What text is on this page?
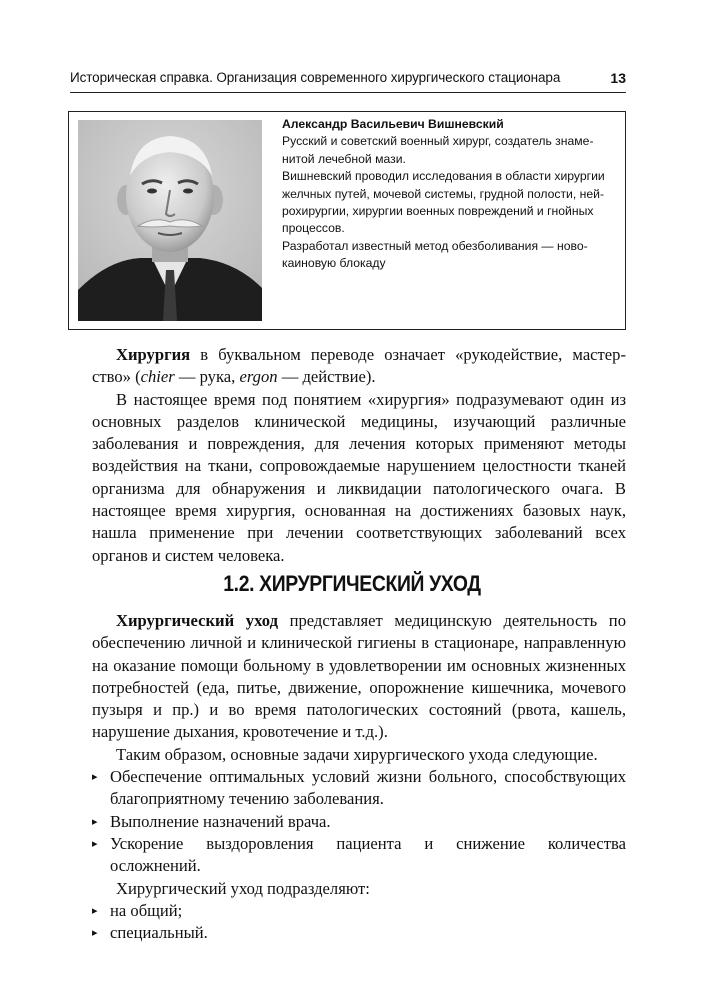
Историческая справка. Организация современного хирургического стационара	13

Александр Васильевич Вишневский

Русский и советский военный хирург, создатель знаме-

нитой лечебной мази.

Вишневский проводил исследования в области хирургии

желчных путей, мочевой системы, грудной полости, ней-

рохирургии, хирургии военных повреждений и гнойных

процессов.

Разработал известный метод обезболивания — ново-

каиновую блокаду

Хирургия в буквальном переводе означает «рукодействие, мастер-ство» (chier — рука, ergon — действие).

В настоящее время под понятием «хирургия» подразумевают один из основных разделов клинической медицины, изучающий различные заболевания и повреждения, для лечения которых применяют методы воздействия на ткани, сопровождаемые нарушением целостности тканей организма для обнаружения и ликвидации патологического очага. В настоящее время хирургия, основанная на достижениях базовых наук, нашла применение при лечении соответствующих заболеваний всех органов и систем человека.

1.2. ХИРУРГИЧЕСКИЙ УХОД

Хирургический уход представляет медицинскую деятельность по обеспечению личной и клинической гигиены в стационаре, направленную на оказание помощи больному в удовлетворении им основных жизненных потребностей (еда, питье, движение, опорожнение кишечника, мочевого пузыря и пр.) и во время патологических состояний (рвота, кашель, нарушение дыхания, кровотечение и т.д.).

Таким образом, основные задачи хирургического ухода следующие.

▸ Обеспечение оптимальных условий жизни больного, способствующих благоприятному течению заболевания.
▸ Выполнение назначений врача.
▸ Ускорение выздоровления пациента и снижение количества осложнений.

Хирургический уход подразделяют:

▸ на общий;
▸ специальный.
